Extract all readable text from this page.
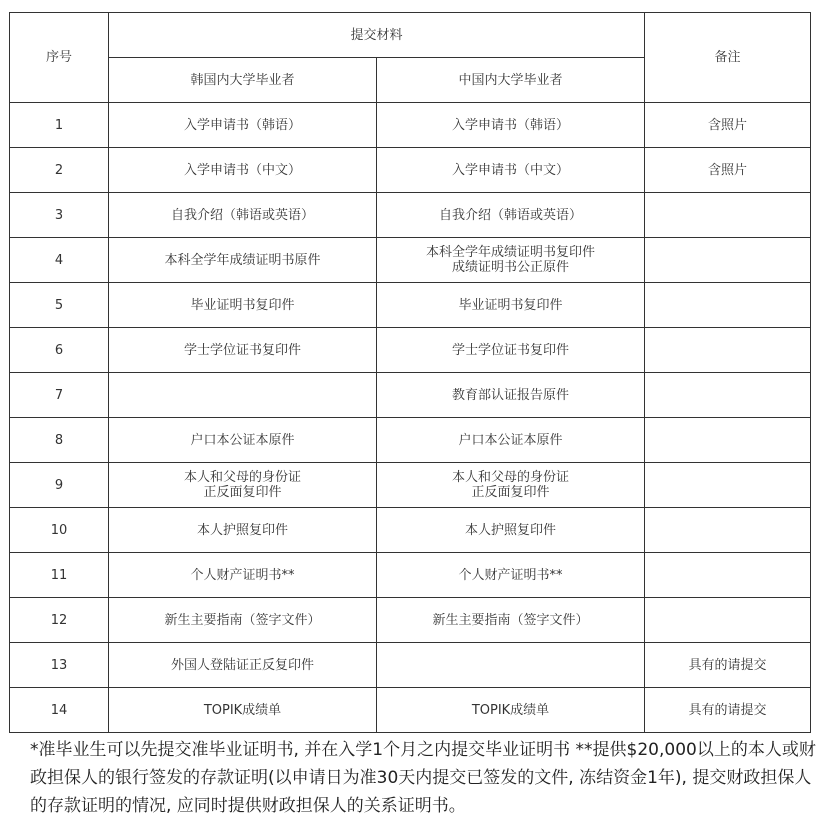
序号	提交材料		备注
	韩国内大学毕业者	中国内大学毕业者	
1	入学申请书（韩语）	入学申请书（韩语）	含照片
2	入学申请书（中文）	入学申请书（中文）	含照片
3	自我介绍（韩语或英语）	自我介绍（韩语或英语）	

4	本科全学年成绩证明书原件	本科全学年成绩证明书复印件
成绩证明书公正原件	

5	毕业证明书复印件	毕业证明书复印件	

6	学士学位证书复印件	学士学位证书复印件	

7		教育部认证报告原件	

8	户口本公证本原件	户口本公证本原件	

9	本人和父母的身份证
正反面复印件	本人和父母的身份证
正反面复印件	

10	本人护照复印件	本人护照复印件	

11	个人财产证明书**	个人财产证明书**	

12	新生主要指南（签字文件）	新生主要指南（签字文件）	

13	外国人登陆证正反复印件		具有的请提交
14	TOPIK成绩单	TOPIK成绩单	具有的请提交
*准毕业生可以先提交准毕业证明书, 并在入学1个月之内提交毕业证明书 **提供$20,000以上的本人或财政担保人的银行签发的存款证明(以申请日为准30天内提交已签发的文件, 冻结资金1年), 提交财政担保人的存款证明的情况, 应同时提供财政担保人的关系证明书。
